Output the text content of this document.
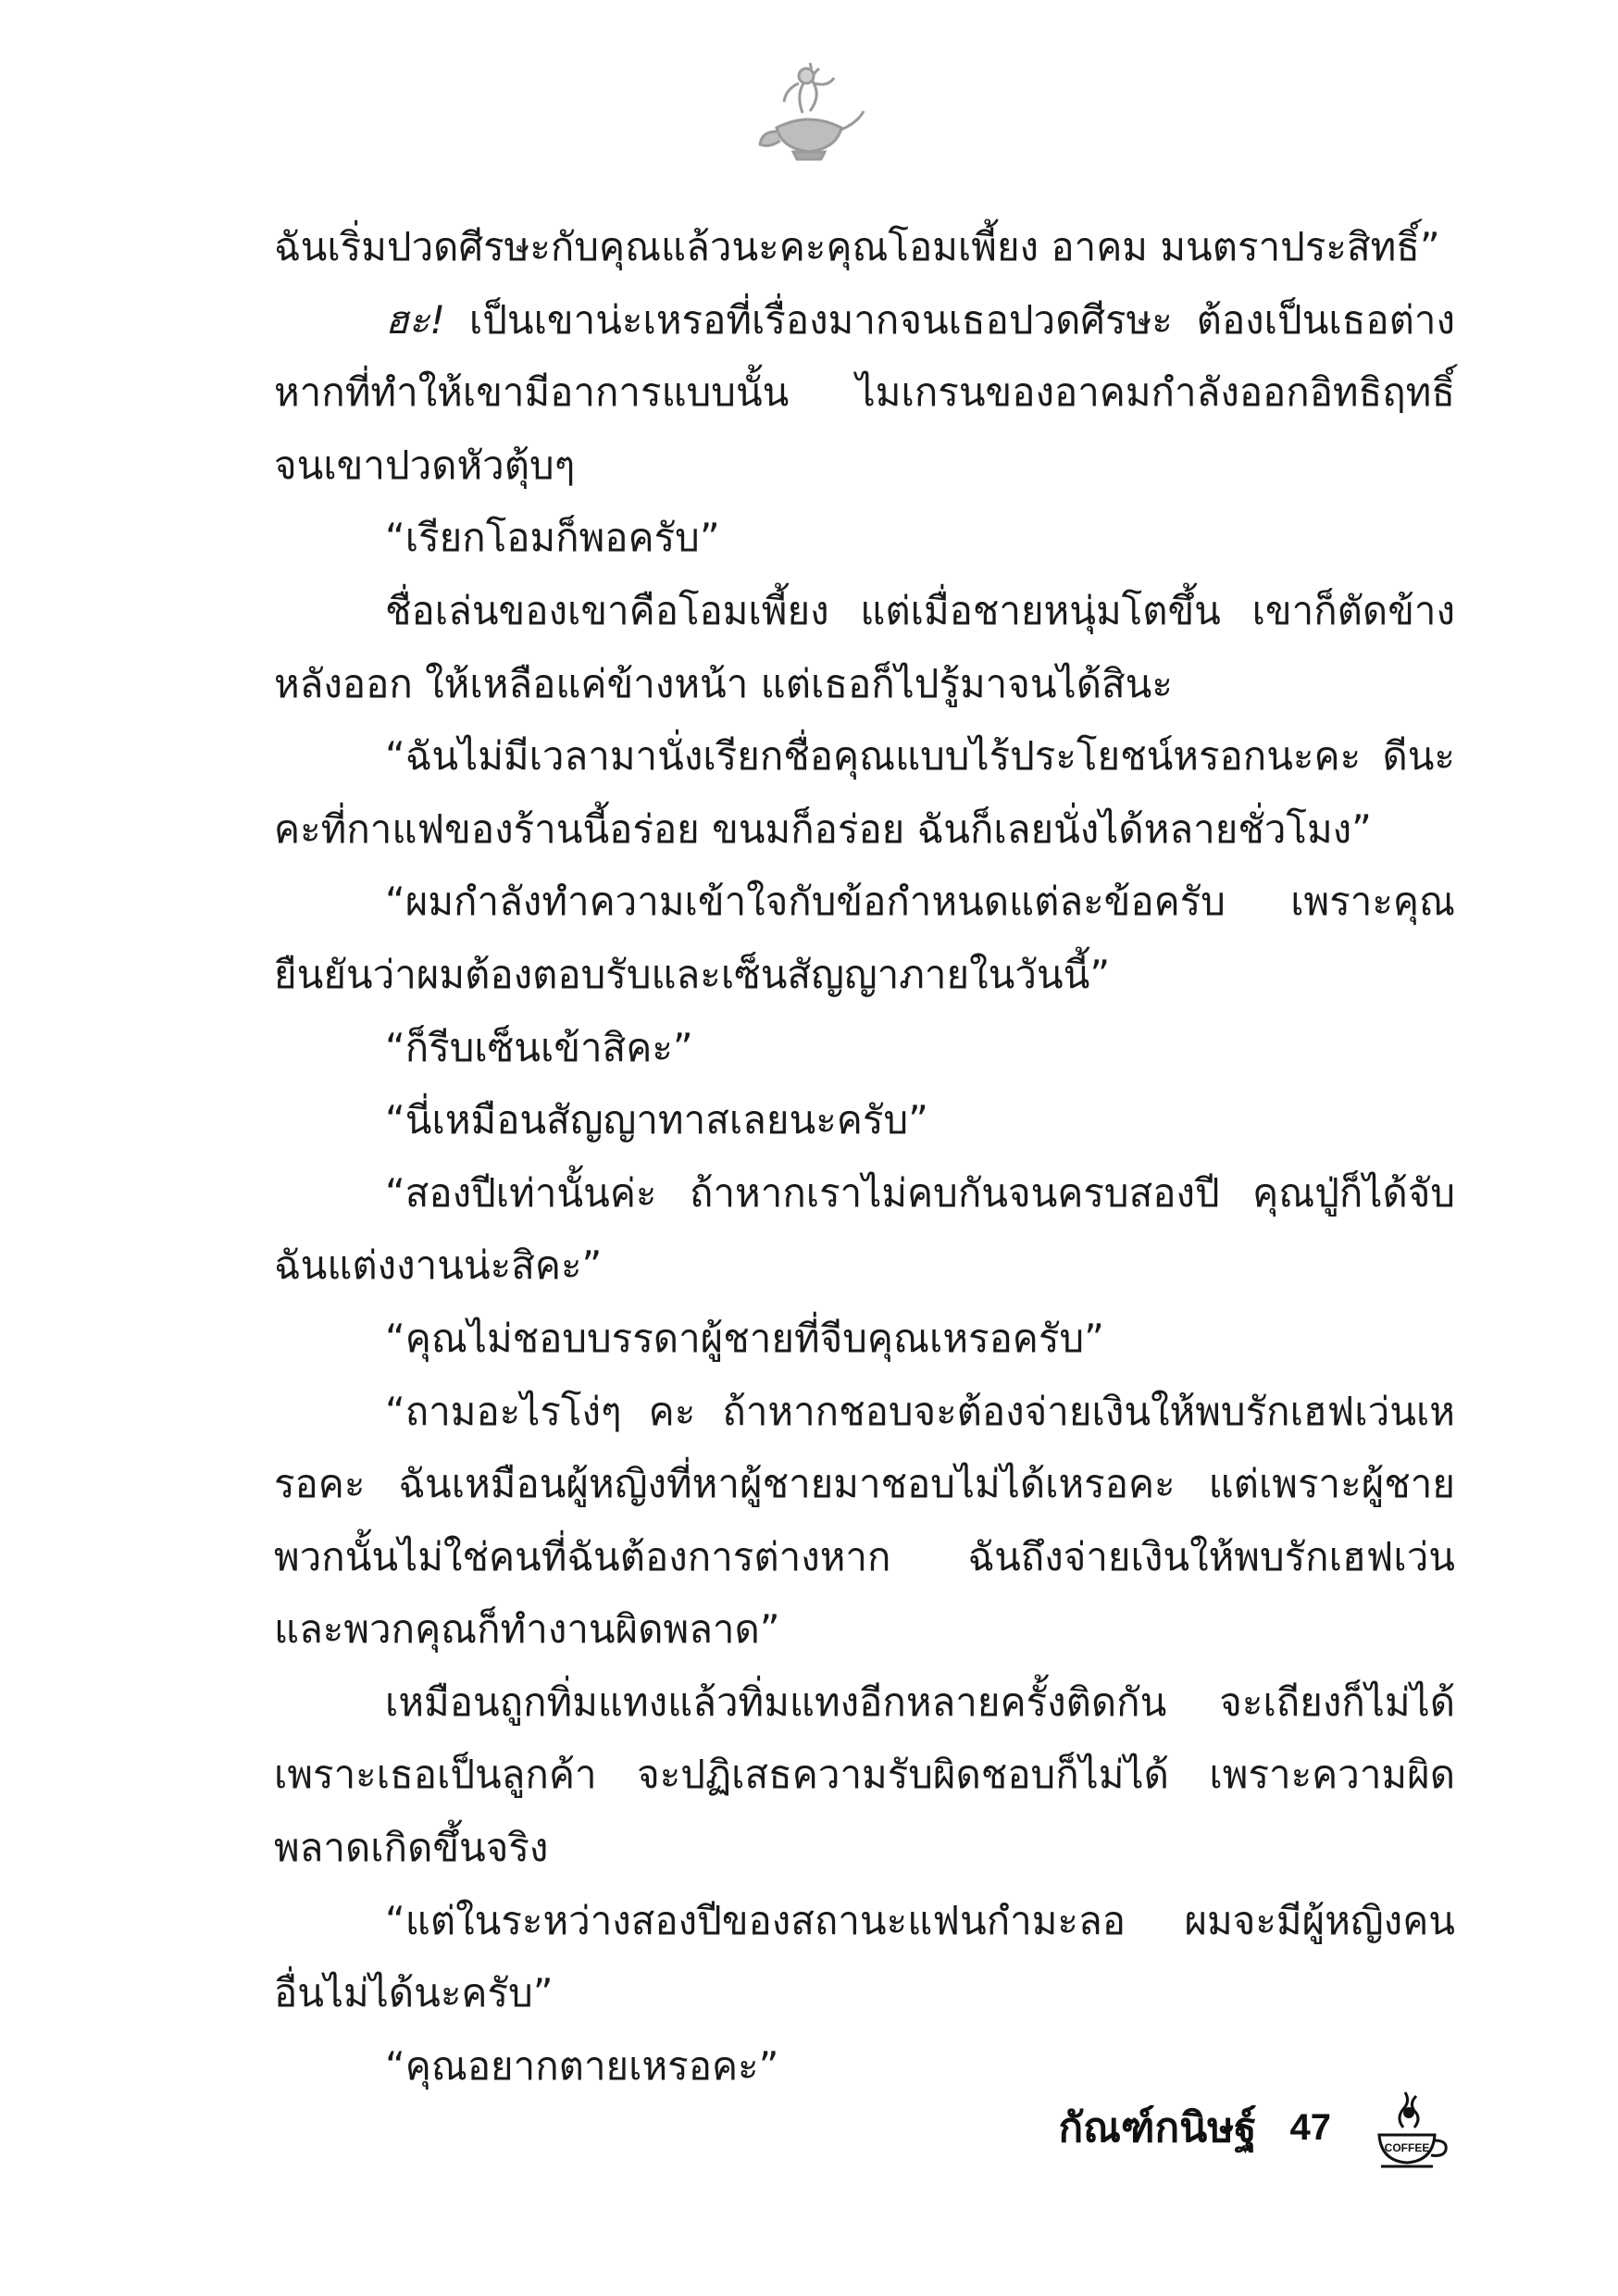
ฉันเริ่มปวดศีรษะกับคุณแล้วนะคะคุณโอมเพี้ยง อาคม มนตราประสิทธิ์”

ฮะ! เป็นเขาน่ะเหรอที่เรื่องมากจนเธอปวดศีรษะ ต้องเป็นเธอต่างหากที่ทำให้เขามีอาการแบบนั้น ไมเกรนของอาคมกำลังออกอิทธิฤทธิ์ จนเขาปวดหัวตุ้บๆ

“เรียกโอมก็พอครับ”

ชื่อเล่นของเขาคือโอมเพี้ยง แต่เมื่อชายหนุ่มโตขึ้น เขาก็ตัดข้างหลังออก ให้เหลือแค่ข้างหน้า แต่เธอก็ไปรู้มาจนได้สินะ

“ฉันไม่มีเวลามานั่งเรียกชื่อคุณแบบไร้ประโยชน์หรอกนะคะ ดีนะคะที่กาแฟของร้านนี้อร่อย ขนมก็อร่อย ฉันก็เลยนั่งได้หลายชั่วโมง”

“ผมกำลังทำความเข้าใจกับข้อกำหนดแต่ละข้อครับ เพราะคุณยืนยันว่าผมต้องตอบรับและเซ็นสัญญาภายในวันนี้”

“ก็รีบเซ็นเข้าสิคะ”

“นี่เหมือนสัญญาทาสเลยนะครับ”

“สองปีเท่านั้นค่ะ ถ้าหากเราไม่คบกันจนครบสองปี คุณปู่ก็ได้จับฉันแต่งงานน่ะสิคะ”

“คุณไม่ชอบบรรดาผู้ชายที่จีบคุณเหรอครับ”

“ถามอะไรโง่ๆ คะ ถ้าหากชอบจะต้องจ่ายเงินให้พบรักเฮฟเว่นเหรอคะ ฉันเหมือนผู้หญิงที่หาผู้ชายมาชอบไม่ได้เหรอคะ แต่เพราะผู้ชายพวกนั้นไม่ใช่คนที่ฉันต้องการต่างหาก ฉันถึงจ่ายเงินให้พบรักเฮฟเว่น และพวกคุณก็ทำงานผิดพลาด”

เหมือนถูกทิ่มแทงแล้วทิ่มแทงอีกหลายครั้งติดกัน จะเถียงก็ไม่ได้ เพราะเธอเป็นลูกค้า จะปฏิเสธความรับผิดชอบก็ไม่ได้ เพราะความผิดพลาดเกิดขึ้นจริง

“แต่ในระหว่างสองปีของสถานะแฟนกำมะลอ ผมจะมีผู้หญิงคนอื่นไม่ได้นะครับ”

“คุณอยากตายเหรอคะ”

กัณฑ์กนิษฐ์ 47
COFFEE
